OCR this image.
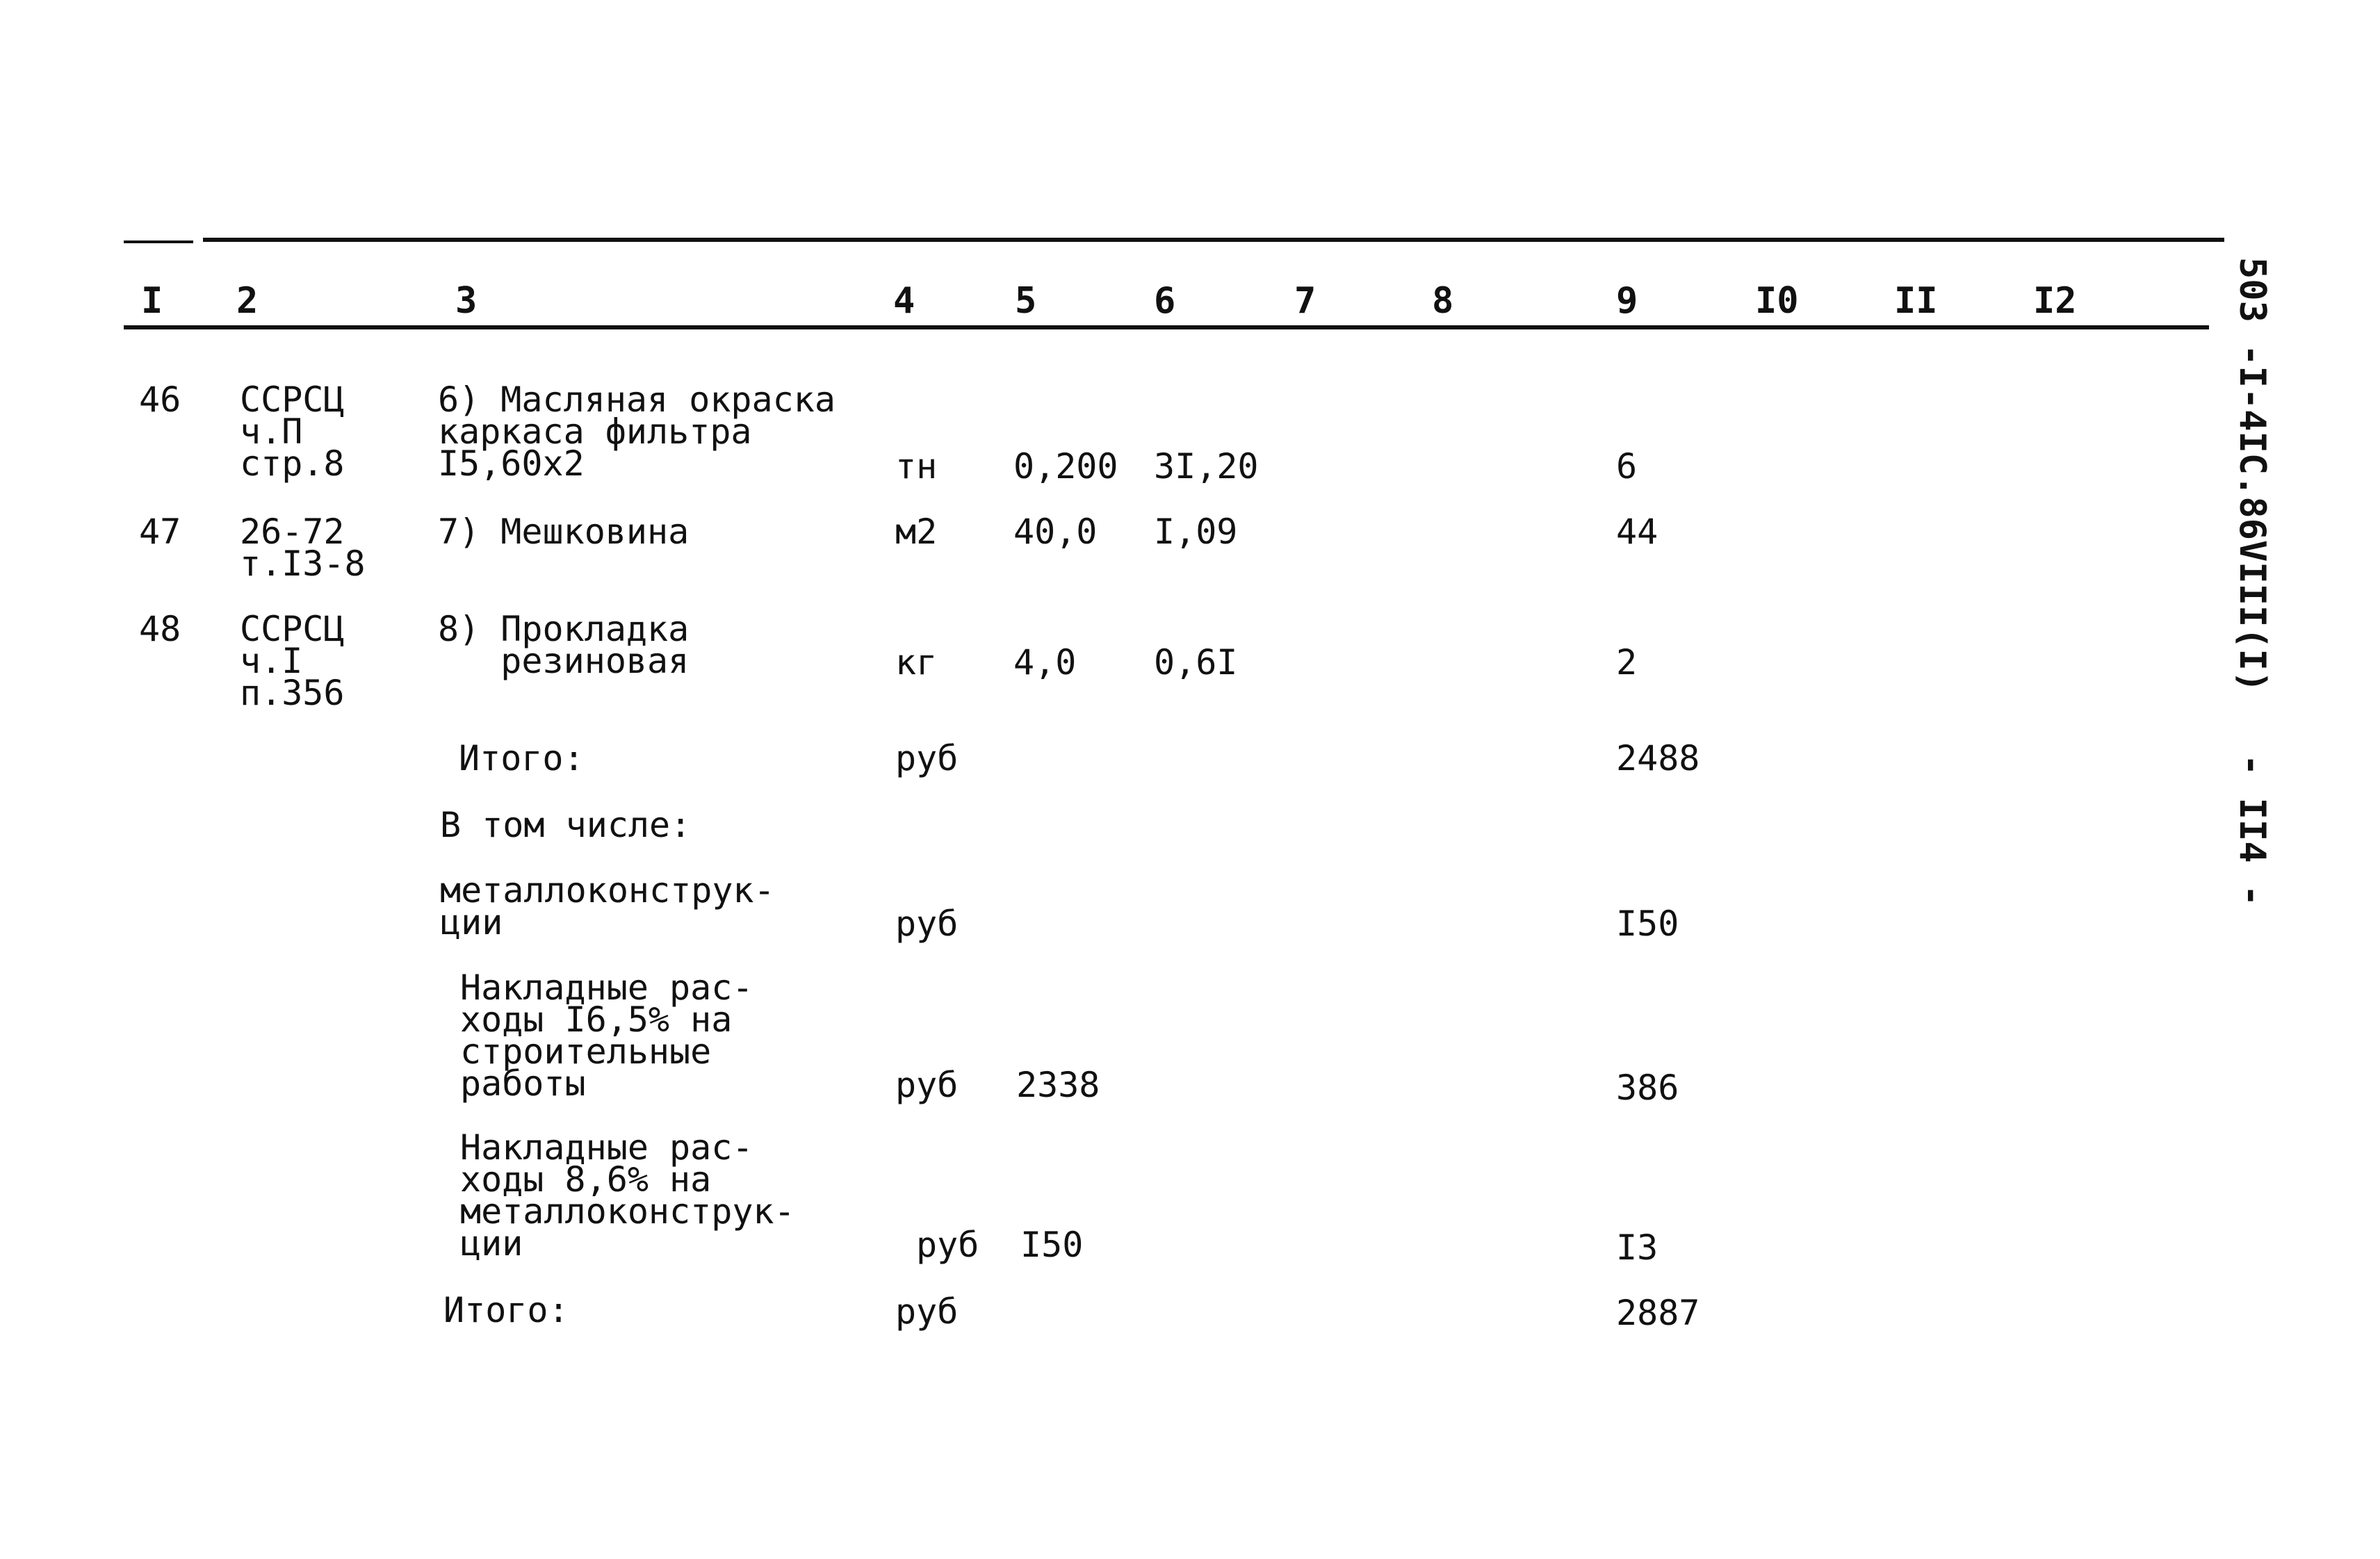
I 2	3	4	5	6	7	8	9	I0	II	I2
46 ССРСЦ
ч.П
стр.8
6) Масляная окраска
каркаса фильтра
I5,60х2	тн 0,200 3I,20	6
47 26-72
т.I3-8
7) Мешковина	м2 40,0 I,09	44
48 ССРСЦ
ч.I
п.356
8) Прокладка
резиновая	кг 4,0 0,6I	2
Итого:	руб	2488
В том числе:
металлоконструк-
ции	руб	I50
Накладные рас-
ходы I6,5% на
строительные
работы	руб 2338	386
Накладные рас-
ходы 8,6% на
металлоконструк-
ции	руб I50	I3
Итого:	руб	2887
503 -I-4IC.86VIII(I)
- II4 -
